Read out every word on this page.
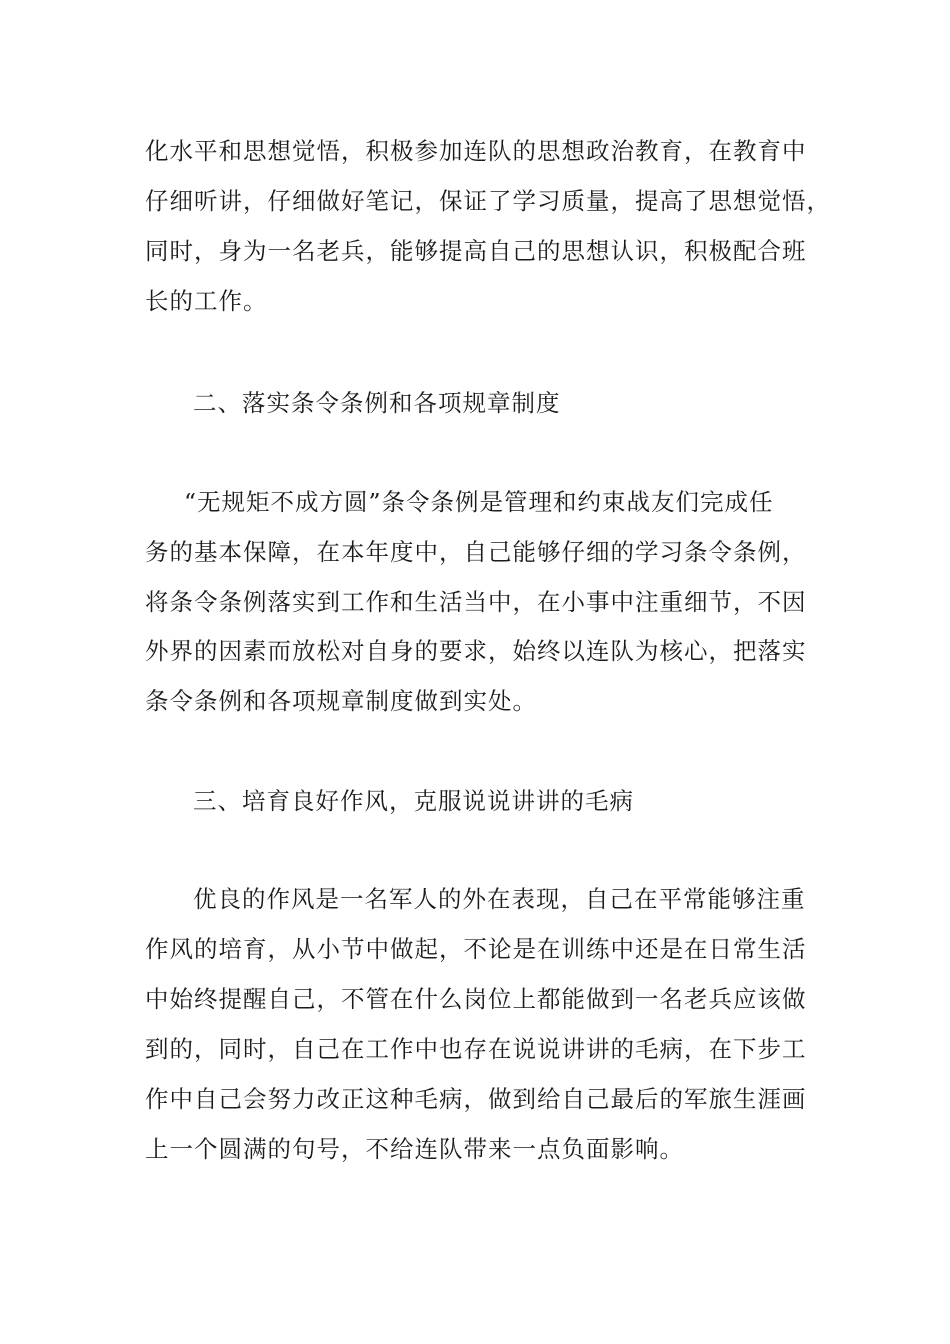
化水平和思想觉悟，积极参加连队的思想政治教育，在教育中
仔细听讲，仔细做好笔记，保证了学习质量，提高了思想觉悟，
同时，身为一名老兵，能够提高自己的思想认识，积极配合班
长的工作。
二、落实条令条例和各项规章制度
“无规矩不成方圆”条令条例是管理和约束战友们完成任
务的基本保障，在本年度中，自己能够仔细的学习条令条例，
将条令条例落实到工作和生活当中，在小事中注重细节，不因
外界的因素而放松对自身的要求，始终以连队为核心，把落实
条令条例和各项规章制度做到实处。
三、培育良好作风，克服说说讲讲的毛病
优良的作风是一名军人的外在表现，自己在平常能够注重
作风的培育，从小节中做起，不论是在训练中还是在日常生活
中始终提醒自己，不管在什么岗位上都能做到一名老兵应该做
到的，同时，自己在工作中也存在说说讲讲的毛病，在下步工
作中自己会努力改正这种毛病，做到给自己最后的军旅生涯画
上一个圆满的句号，不给连队带来一点负面影响。
